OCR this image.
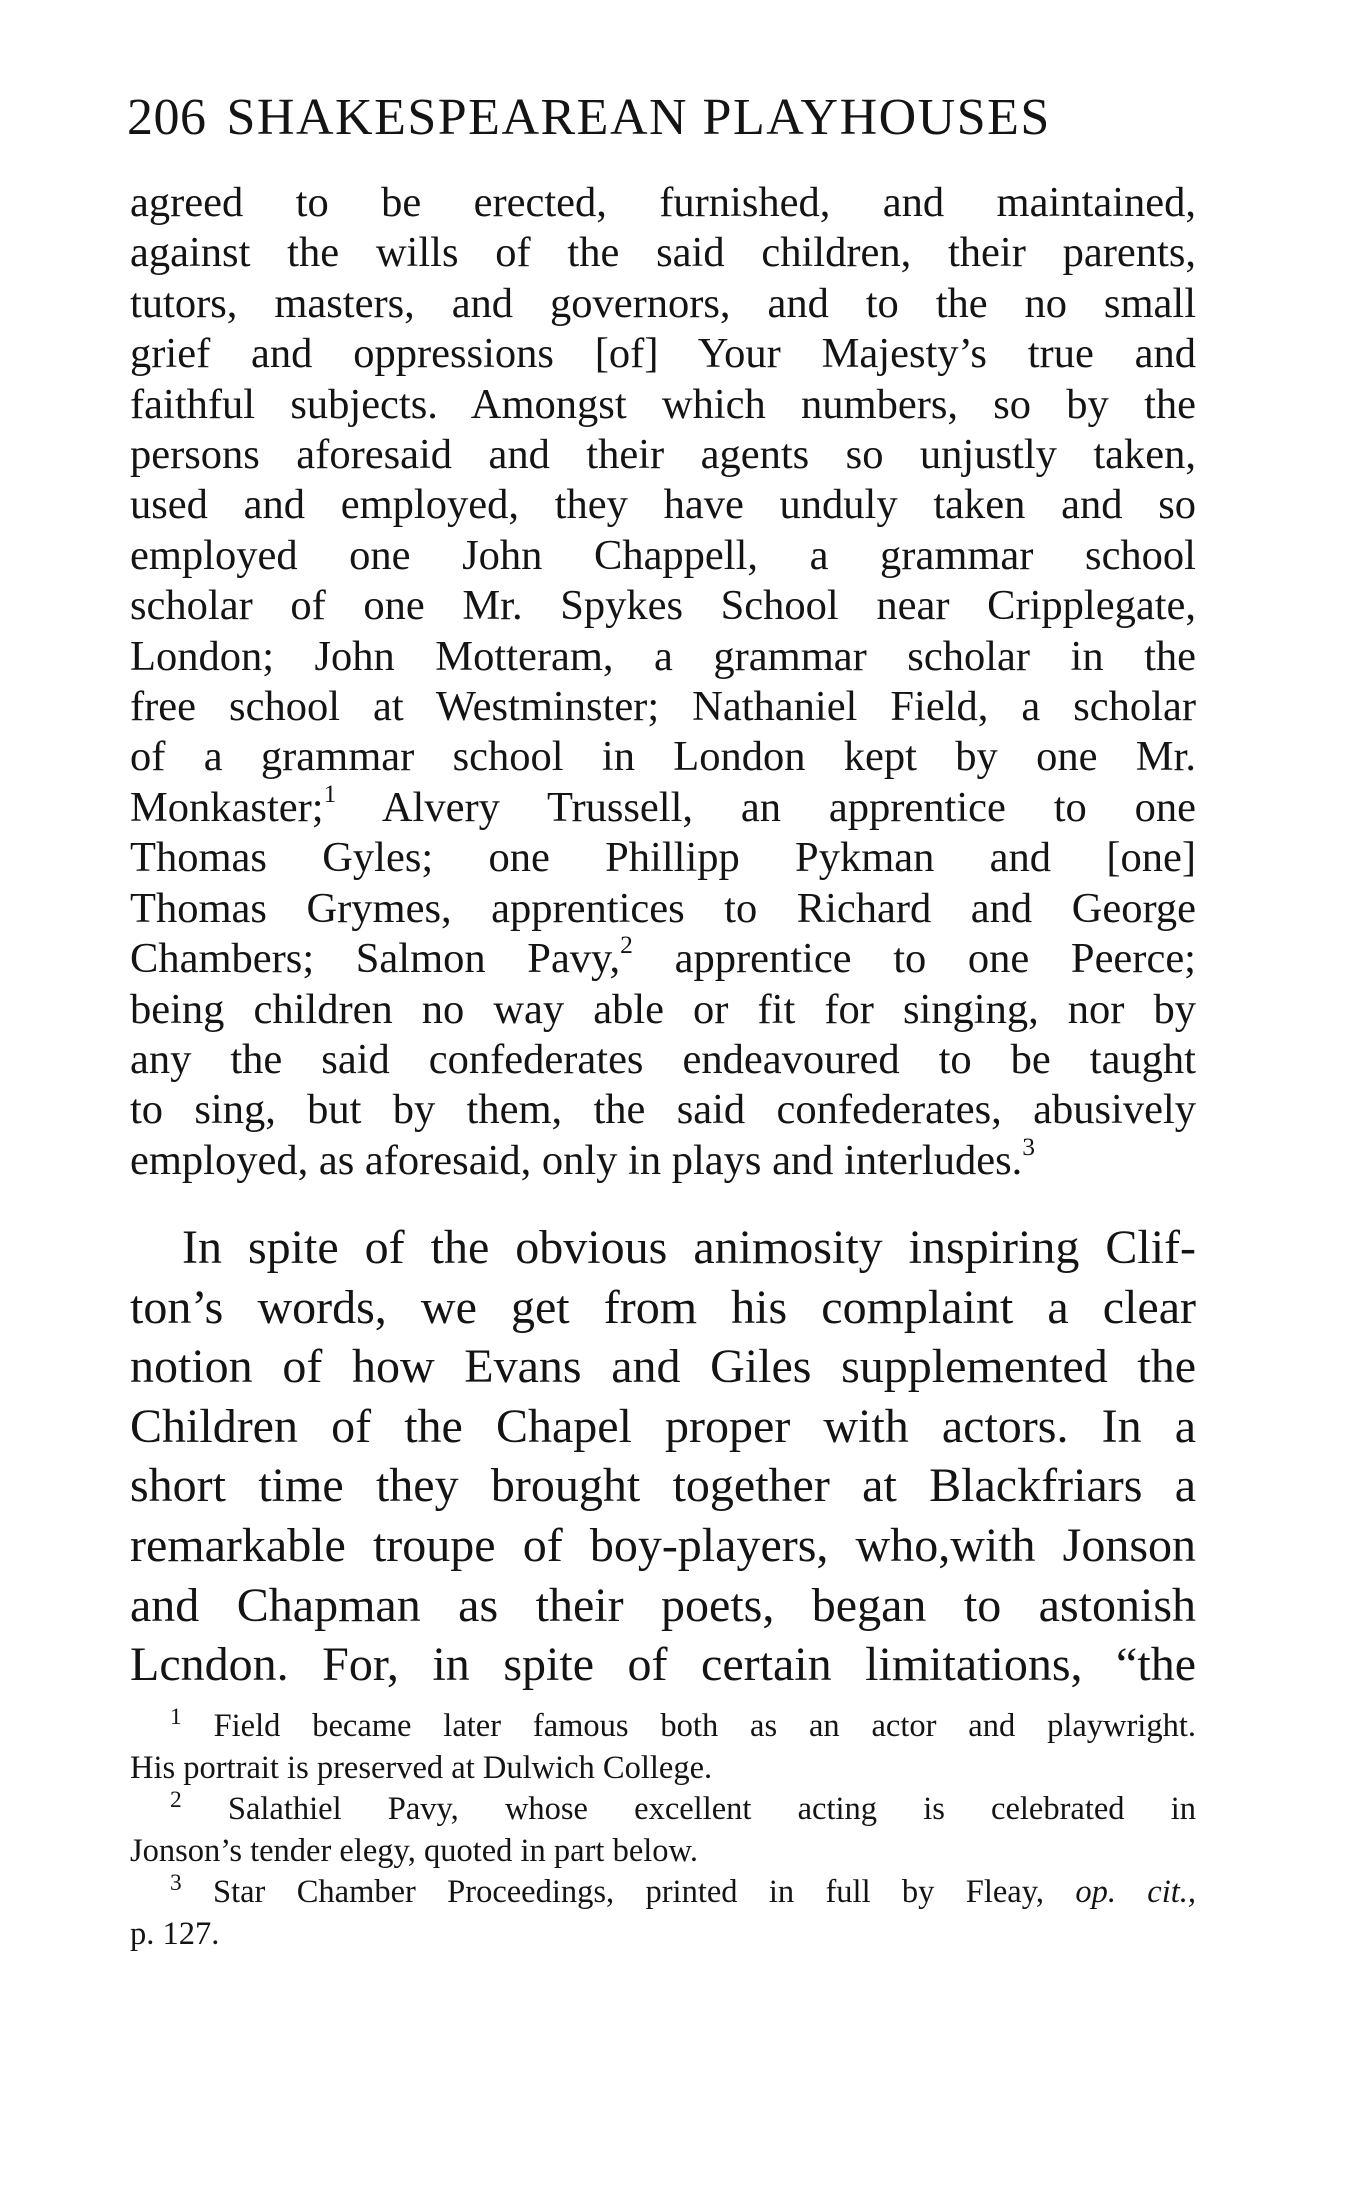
206 SHAKESPEAREAN PLAYHOUSES
agreed to be erected, furnished, and maintained,
against the wills of the said children, their parents,
tutors, masters, and governors, and to the no small
grief and oppressions [of] Your Majesty’s true and
faithful subjects. Amongst which numbers, so by the
persons aforesaid and their agents so unjustly taken,
used and employed, they have unduly taken and so
employed one John Chappell, a grammar school
scholar of one Mr. Spykes School near Cripplegate,
London; John Motteram, a grammar scholar in the
free school at Westminster; Nathaniel Field, a scholar
of a grammar school in London kept by one Mr.
Monkaster;$^1$ Alvery Trussell, an apprentice to one
Thomas Gyles; one Phillipp Pykman and [one]
Thomas Grymes, apprentices to Richard and George
Chambers; Salmon Pavy,$^2$ apprentice to one Peerce;
being children no way able or fit for singing, nor by
any the said confederates endeavoured to be taught
to sing, but by them, the said confederates, abusively
employed, as aforesaid, only in plays and interludes.$^3$
In spite of the obvious animosity inspiring Clif-
ton’s words, we get from his complaint a clear
notion of how Evans and Giles supplemented the
Children of the Chapel proper with actors. In a
short time they brought together at Blackfriars a
remarkable troupe of boy-players, who,with Jonson
and Chapman as their poets, began to astonish
Lcndon. For, in spite of certain limitations, “the
$^1$ Field became later famous both as an actor and playwright.
His portrait is preserved at Dulwich College.
$^2$ Salathiel Pavy, whose excellent acting is celebrated in
Jonson’s tender elegy, quoted in part below.
$^3$ Star Chamber Proceedings, printed in full by Fleay, op. cit.,
p. 127.
